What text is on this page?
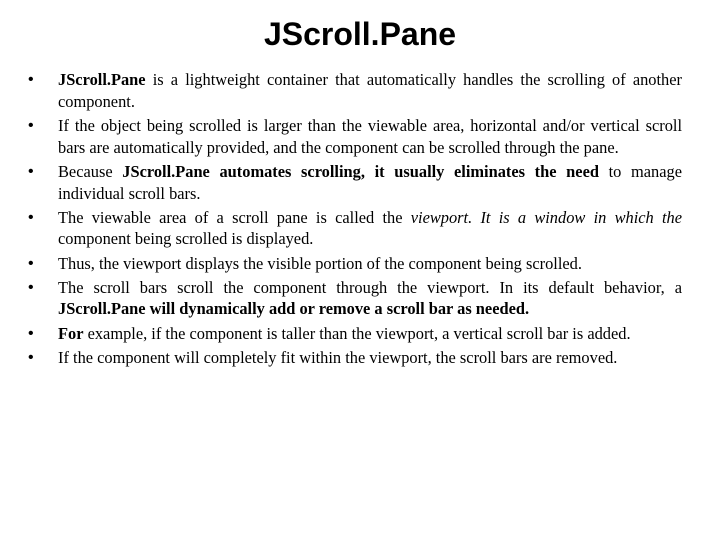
JScroll.Pane
• JScroll.Pane is a lightweight container that automatically handles the scrolling of another component.
• If the object being scrolled is larger than the viewable area, horizontal and/or vertical scroll bars are automatically provided, and the component can be scrolled through the pane.
• Because JScroll.Pane automates scrolling, it usually eliminates the need to manage individual scroll bars.
• The viewable area of a scroll pane is called the viewport. It is a window in which the component being scrolled is displayed.
• Thus, the viewport displays the visible portion of the component being scrolled.
• The scroll bars scroll the component through the viewport. In its default behavior, a JScroll.Pane will dynamically add or remove a scroll bar as needed.
• For example, if the component is taller than the viewport, a vertical scroll bar is added.
• If the component will completely fit within the viewport, the scroll bars are removed.
